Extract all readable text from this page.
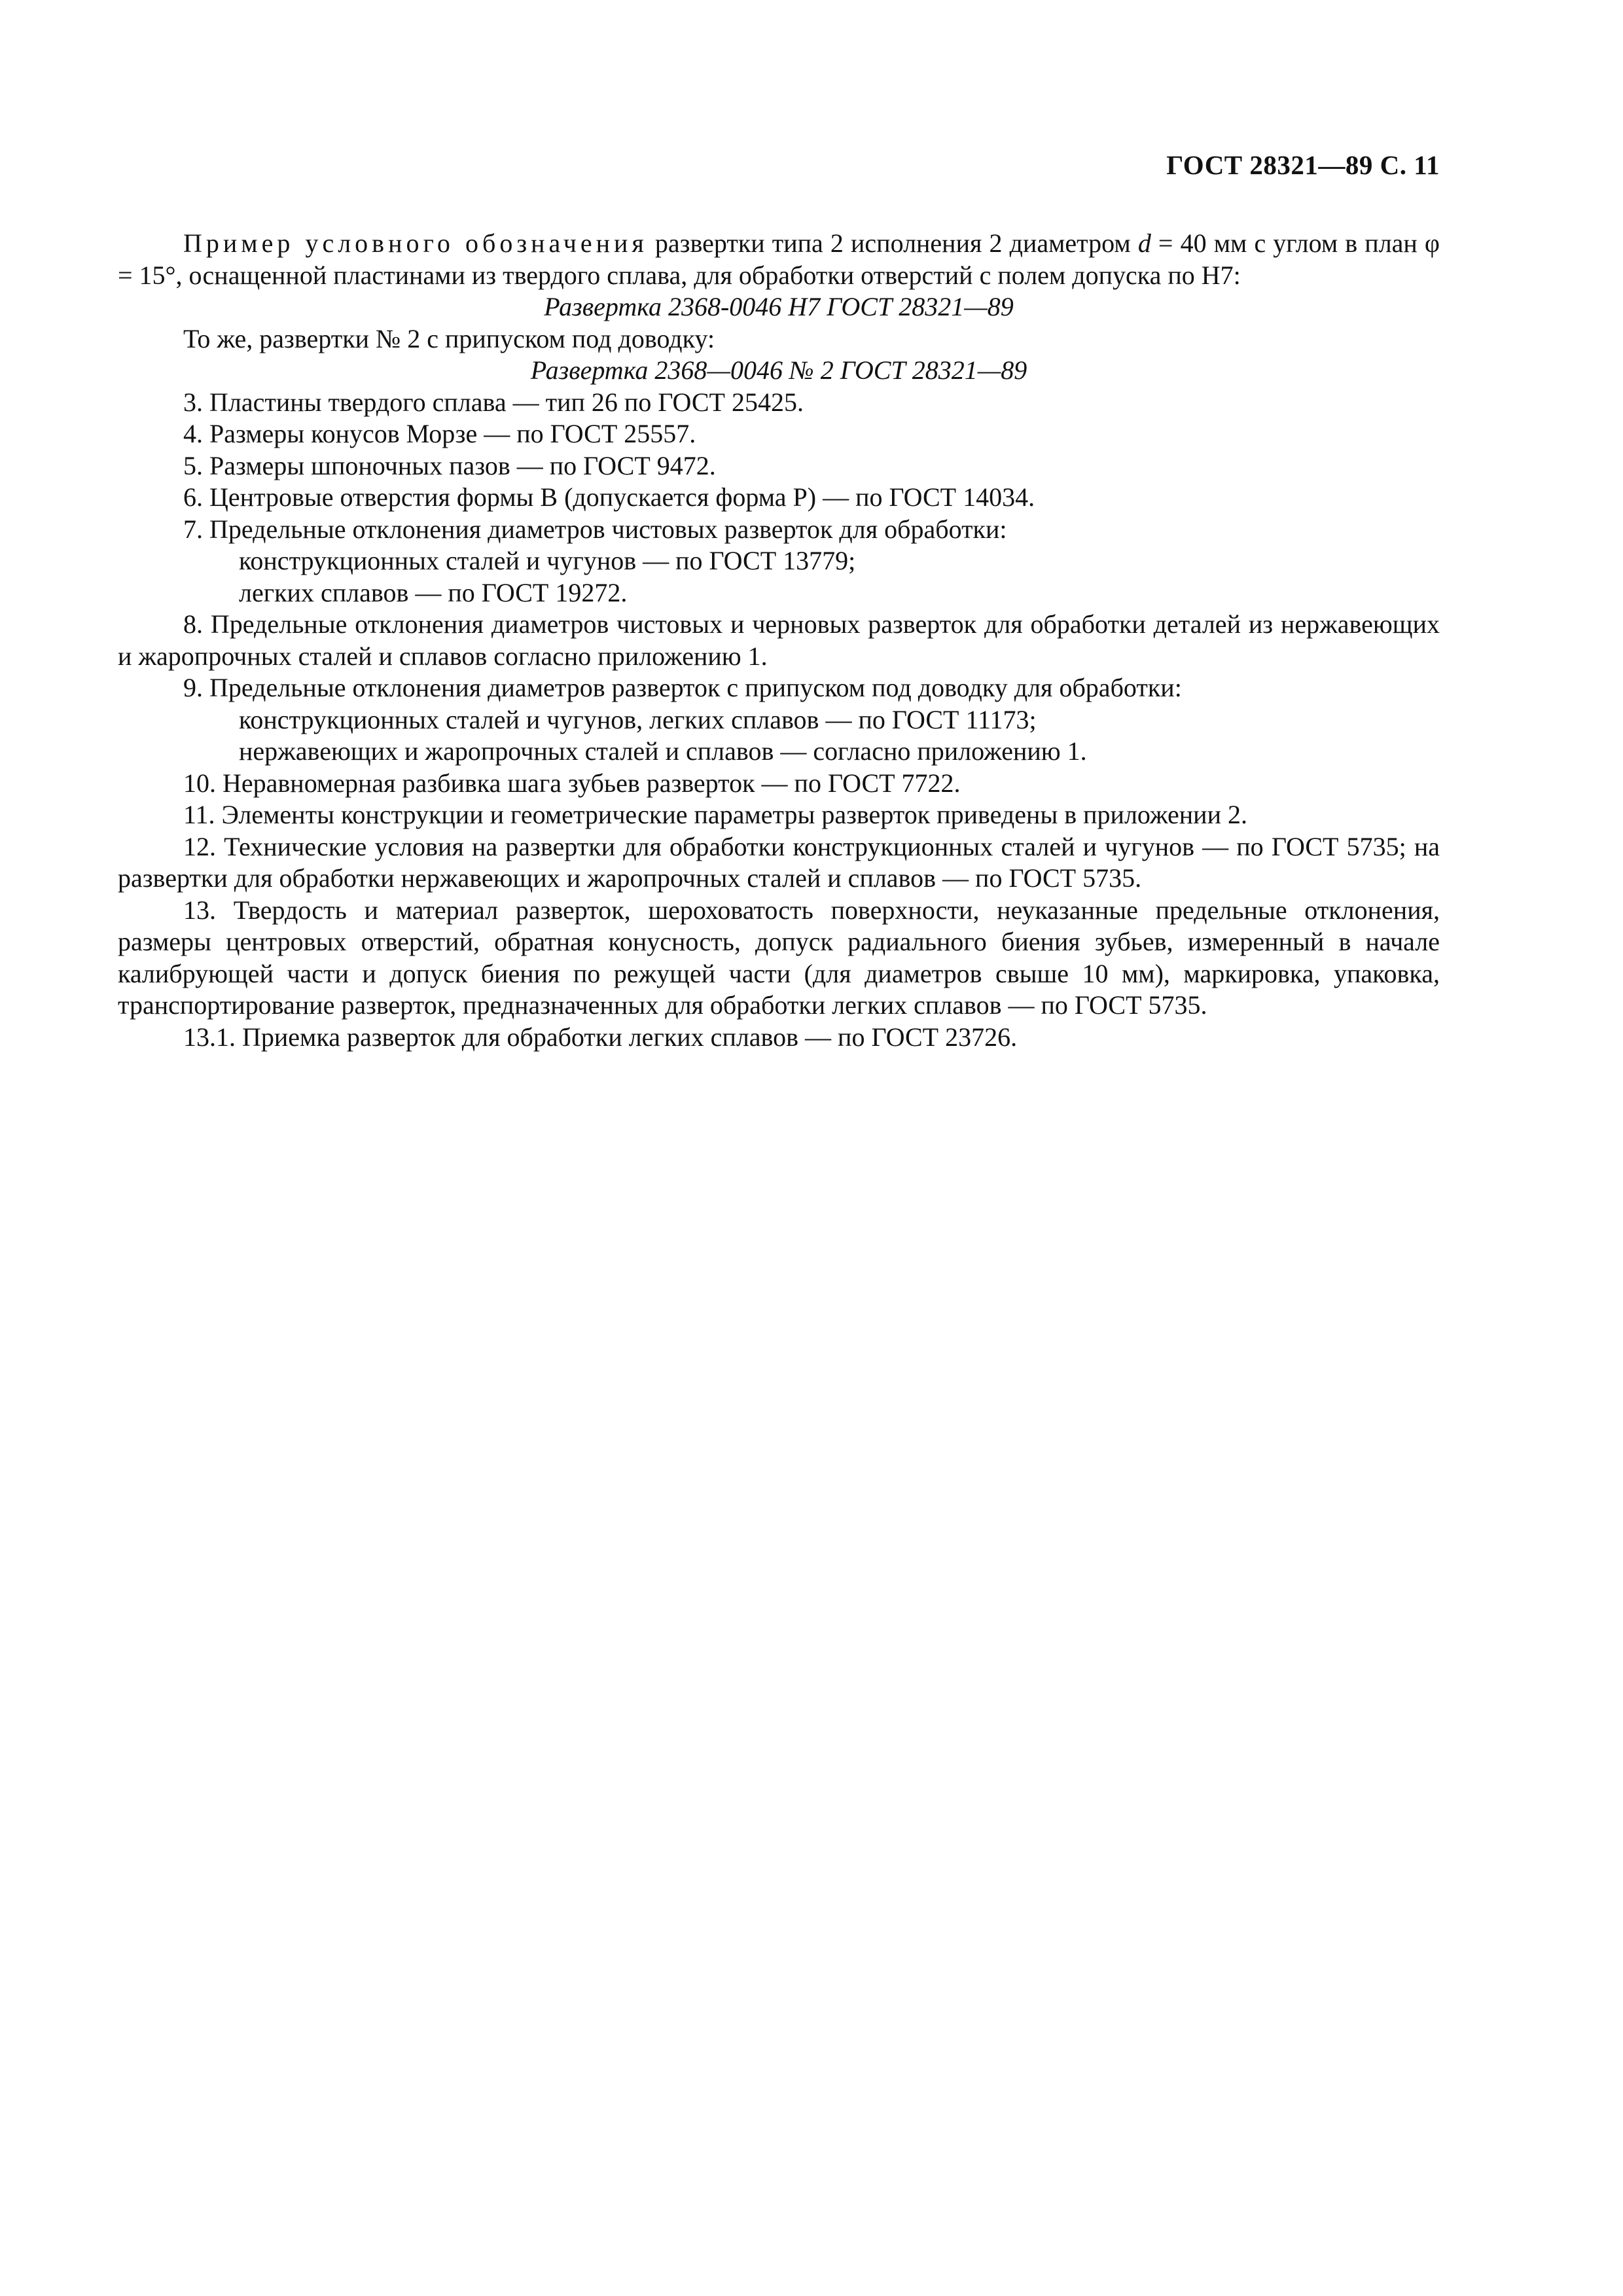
ГОСТ 28321—89 С. 11

Пример условного обозначения развертки типа 2 исполнения 2 диаметром d = 40 мм с углом в план φ = 15°, оснащенной пластинами из твердого сплава, для обработки отверстий с полем допуска по Н7:

Развертка 2368-0046 Н7 ГОСТ 28321—89

То же, развертки № 2 с припуском под доводку:

Развертка 2368—0046 № 2 ГОСТ 28321—89

3. Пластины твердого сплава — тип 26 по ГОСТ 25425.

4. Размеры конусов Морзе — по ГОСТ 25557.

5. Размеры шпоночных пазов — по ГОСТ 9472.

6. Центровые отверстия формы В (допускается форма Р) — по ГОСТ 14034.

7. Предельные отклонения диаметров чистовых разверток для обработки:

конструкционных сталей и чугунов — по ГОСТ 13779;

легких сплавов — по ГОСТ 19272.

8. Предельные отклонения диаметров чистовых и черновых разверток для обработки деталей из нержавеющих и жаропрочных сталей и сплавов согласно приложению 1.

9. Предельные отклонения диаметров разверток с припуском под доводку для обработки:

конструкционных сталей и чугунов, легких сплавов — по ГОСТ 11173;

нержавеющих и жаропрочных сталей и сплавов — согласно приложению 1.

10. Неравномерная разбивка шага зубьев разверток — по ГОСТ 7722.

11. Элементы конструкции и геометрические параметры разверток приведены в приложении 2.

12. Технические условия на развертки для обработки конструкционных сталей и чугунов — по ГОСТ 5735; на развертки для обработки нержавеющих и жаропрочных сталей и сплавов — по ГОСТ 5735.

13. Твердость и материал разверток, шероховатость поверхности, неуказанные предельные отклонения, размеры центровых отверстий, обратная конусность, допуск радиального биения зубьев, измеренный в начале калибрующей части и допуск биения по режущей части (для диаметров свыше 10 мм), маркировка, упаковка, транспортирование разверток, предназначенных для обработки легких сплавов — по ГОСТ 5735.

13.1. Приемка разверток для обработки легких сплавов — по ГОСТ 23726.
